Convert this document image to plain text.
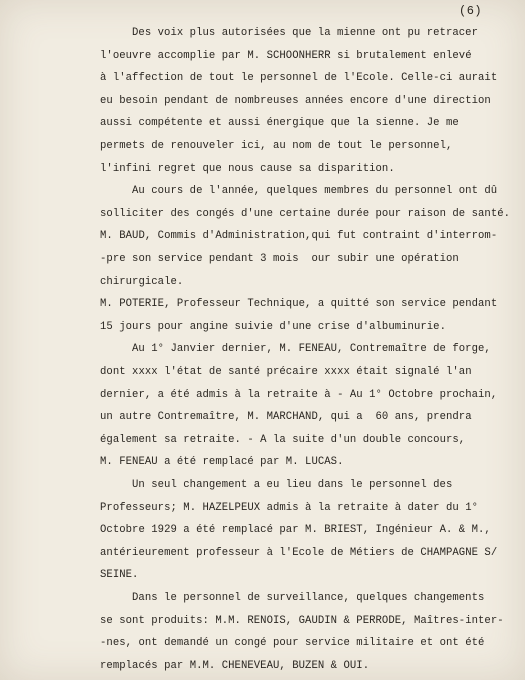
(6)
Des voix plus autorisées que la mienne ont pu retracer
l'oeuvre accomplie par M. SCHOONHERR si brutalement enlevé
à l'affection de tout le personnel de l'Ecole. Celle-ci aurait
eu besoin pendant de nombreuses années encore d'une direction
aussi compétente et aussi énergique que la sienne. Je me
permets de renouveler ici, au nom de tout le personnel,
l'infini regret que nous cause sa disparition.
Au cours de l'année, quelques membres du personnel ont dû
solliciter des congés d'une certaine durée pour raison de santé.
M. BAUD, Commis d'Administration,qui fut contraint d'interrom-
-pre son service pendant 3 mois  our subir une opération
chirurgicale.
M. POTERIE, Professeur Technique, a quitté son service pendant
15 jours pour angine suivie d'une crise d'albuminurie.
Au 1° Janvier dernier, M. FENEAU, Contremaître de forge,
dont xxxx l'état de santé précaire xxxx était signalé l'an
dernier, a été admis à la retraite à - Au 1° Octobre prochain,
un autre Contremaître, M. MARCHAND, qui a  60 ans, prendra
également sa retraite. - A la suite d'un double concours,
M. FENEAU a été remplacé par M. LUCAS.
Un seul changement a eu lieu dans le personnel des
Professeurs; M. HAZELPEUX admis à la retraite à dater du 1°
Octobre 1929 a été remplacé par M. BRIEST, Ingénieur A. & M.,
antérieurement professeur à l'Ecole de Métiers de CHAMPAGNE S/
SEINE.
Dans le personnel de surveillance, quelques changements
se sont produits: M.M. RENOIS, GAUDIN & PERRODE, Maîtres-inter-
-nes, ont demandé un congé pour service militaire et ont été
remplacés par M.M. CHENEVEAU, BUZEN & OUI.
